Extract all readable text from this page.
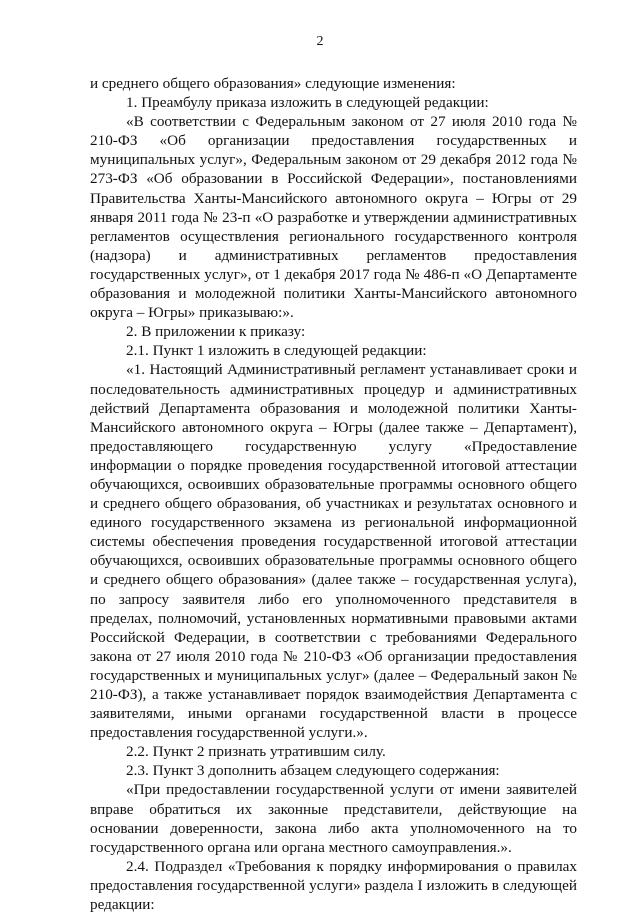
2

и среднего общего образования» следующие изменения:

1. Преамбулу приказа изложить в следующей редакции:

«В соответствии с Федеральным законом от 27 июля 2010 года № 210-ФЗ «Об организации предоставления государственных и муниципальных услуг», Федеральным законом от 29 декабря 2012 года № 273-ФЗ «Об образовании в Российской Федерации», постановлениями Правительства Ханты-Мансийского автономного округа – Югры от 29 января 2011 года № 23-п «О разработке и утверждении административных регламентов осуществления регионального государственного контроля (надзора) и административных регламентов предоставления государственных услуг», от 1 декабря 2017 года № 486-п «О Департаменте образования и молодежной политики Ханты-Мансийского автономного округа – Югры» приказываю:».

2. В приложении к приказу:

2.1. Пункт 1 изложить в следующей редакции:

«1. Настоящий Административный регламент устанавливает сроки и последовательность административных процедур и административных действий Департамента образования и молодежной политики Ханты-Мансийского автономного округа – Югры (далее также – Департамент), предоставляющего государственную услугу «Предоставление информации о порядке проведения государственной итоговой аттестации обучающихся, освоивших образовательные программы основного общего и среднего общего образования, об участниках и результатах основного и единого государственного экзамена из региональной информационной системы обеспечения проведения государственной итоговой аттестации обучающихся, освоивших образовательные программы основного общего и среднего общего образования» (далее также – государственная услуга), по запросу заявителя либо его уполномоченного представителя в пределах, полномочий, установленных нормативными правовыми актами Российской Федерации, в соответствии с требованиями Федерального закона от 27 июля 2010 года № 210-ФЗ «Об организации предоставления государственных и муниципальных услуг» (далее – Федеральный закон № 210-ФЗ), а также устанавливает порядок взаимодействия Департамента с заявителями, иными органами государственной власти в процессе предоставления государственной услуги.».

2.2. Пункт 2 признать утратившим силу.

2.3. Пункт 3 дополнить абзацем следующего содержания:

«При предоставлении государственной услуги от имени заявителей вправе обратиться их законные представители, действующие на основании доверенности, закона либо акта уполномоченного на то государственного органа или органа местного самоуправления.».

2.4. Подраздел «Требования к порядку информирования о правилах предоставления государственной услуги» раздела I изложить в следующей редакции:
